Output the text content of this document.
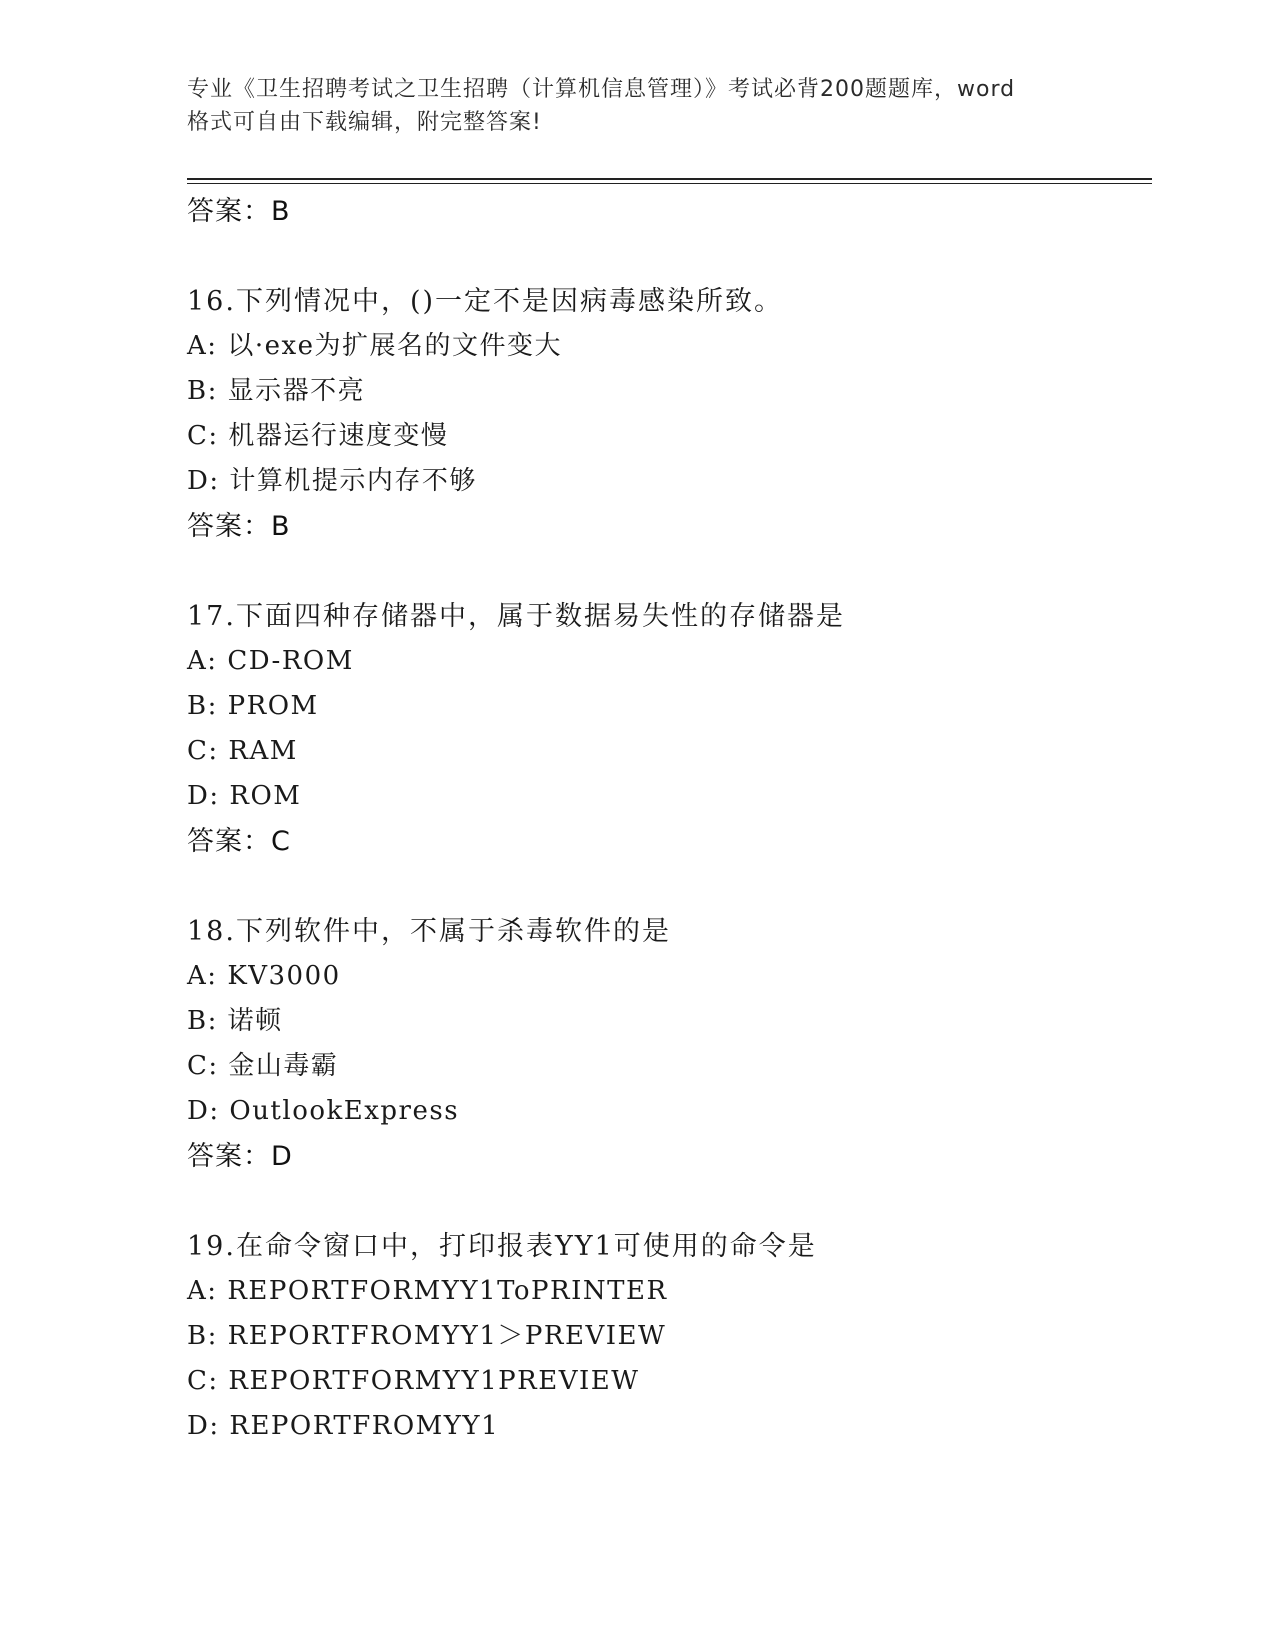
专业《卫生招聘考试之卫生招聘（计算机信息管理）》考试必背200题题库，word
格式可自由下载编辑，附完整答案!
答案：B
16.下列情况中，()一定不是因病毒感染所致。
A: 以·exe为扩展名的文件变大
B: 显示器不亮
C: 机器运行速度变慢
D: 计算机提示内存不够
答案：B
17.下面四种存储器中，属于数据易失性的存储器是
A: CD-ROM
B: PROM
C: RAM
D: ROM
答案：C
18.下列软件中，不属于杀毒软件的是
A: KV3000
B: 诺顿
C: 金山毒霸
D: OutlookExpress
答案：D
19.在命令窗口中，打印报表YY1可使用的命令是
A: REPORTFORMYY1ToPRINTER
B: REPORTFROMYY1＞PREVIEW
C: REPORTFORMYY1PREVIEW
D: REPORTFROMYY1
